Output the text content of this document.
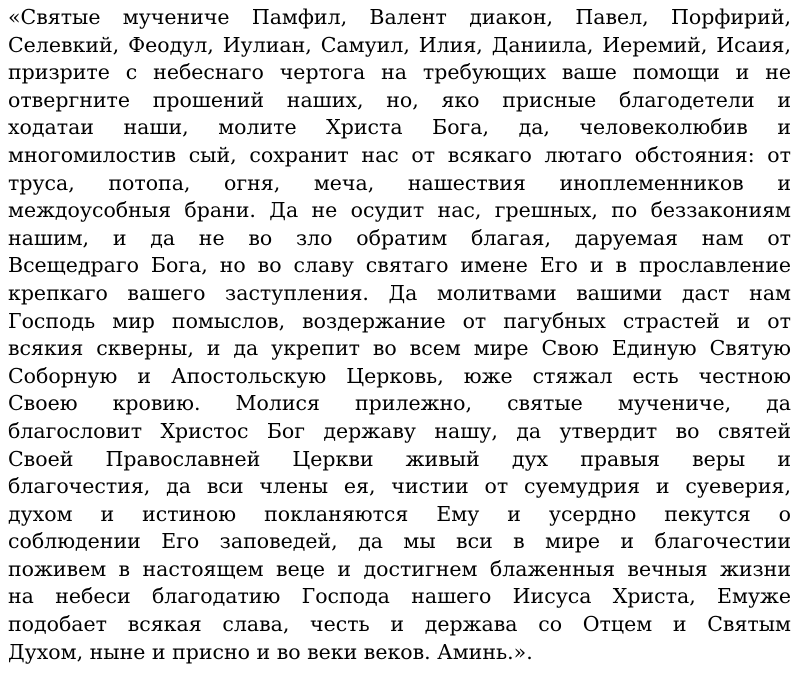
«Святые мучениче Памфил, Валент диакон, Павел, Порфирий,
Селевкий, Феодул, Иулиан, Самуил, Илия, Даниила, Иеремий, Исаия,
призрите с небеснаго чертога на требующих ваше помощи и не
отвергните прошений наших, но, яко присные благодетели и
ходатаи наши, молите Христа Бога, да, человеколюбив и
многомилостив сый, сохранит нас от всякаго лютаго обстояния: от
труса, потопа, огня, меча, нашествия иноплеменников и
междоусобныя брани. Да не осудит нас, грешных, по беззакониям
нашим, и да не во зло обратим благая, даруемая нам от
Всещедраго Бога, но во славу святаго имене Его и в прославление
крепкаго вашего заступления. Да молитвами вашими даст нам
Господь мир помыслов, воздержание от пагубных страстей и от
всякия скверны, и да укрепит во всем мире Свою Единую Святую
Соборную и Апостольскую Церковь, юже стяжал есть честною
Своею кровию. Молися прилежно, святые мучениче, да
благословит Христос Бог державу нашу, да утвердит во святей
Своей Православней Церкви живый дух правыя веры и
благочестия, да вси члены ея, чистии от суемудрия и суеверия,
духом и истиною покланяются Ему и усердно пекутся о
соблюдении Его заповедей, да мы вси в мире и благочестии
поживем в настоящем веце и достигнем блаженныя вечныя жизни
на небеси благодатию Господа нашего Иисуса Христа, Емуже
подобает всякая слава, честь и держава со Отцем и Святым
Духом, ныне и присно и во веки веков. Аминь.».
